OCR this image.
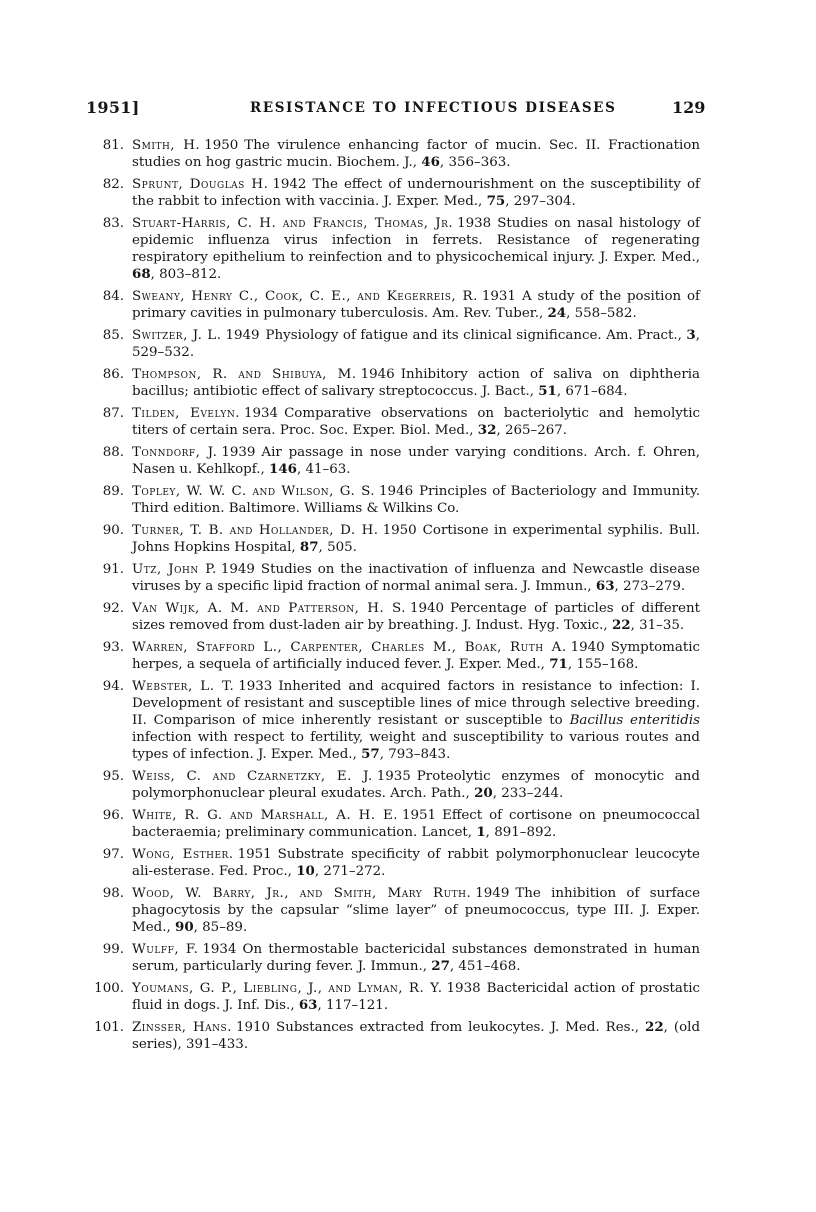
1951]	RESISTANCE TO INFECTIOUS DISEASES	129
81. Smith, H. 1950 The virulence enhancing factor of mucin. Sec. II. Fractionation studies on hog gastric mucin. Biochem. J., 46, 356–363.
82. Sprunt, Douglas H. 1942 The effect of undernourishment on the susceptibility of the rabbit to infection with vaccinia. J. Exper. Med., 75, 297–304.
83. Stuart-Harris, C. H. and Francis, Thomas, Jr. 1938 Studies on nasal histology of epidemic influenza virus infection in ferrets. Resistance of regenerating respiratory epithelium to reinfection and to physicochemical injury. J. Exper. Med., 68, 803–812.
84. Sweany, Henry C., Cook, C. E., and Kegerreis, R. 1931 A study of the position of primary cavities in pulmonary tuberculosis. Am. Rev. Tuber., 24, 558–582.
85. Switzer, J. L. 1949 Physiology of fatigue and its clinical significance. Am. Pract., 3, 529–532.
86. Thompson, R. and Shibuya, M. 1946 Inhibitory action of saliva on diphtheria bacillus; antibiotic effect of salivary streptococcus. J. Bact., 51, 671–684.
87. Tilden, Evelyn. 1934 Comparative observations on bacteriolytic and hemolytic titers of certain sera. Proc. Soc. Exper. Biol. Med., 32, 265–267.
88. Tonndorf, J. 1939 Air passage in nose under varying conditions. Arch. f. Ohren, Nasen u. Kehlkopf., 146, 41–63.
89. Topley, W. W. C. and Wilson, G. S. 1946 Principles of Bacteriology and Immunity. Third edition. Baltimore. Williams & Wilkins Co.
90. Turner, T. B. and Hollander, D. H. 1950 Cortisone in experimental syphilis. Bull. Johns Hopkins Hospital, 87, 505.
91. Utz, John P. 1949 Studies on the inactivation of influenza and Newcastle disease viruses by a specific lipid fraction of normal animal sera. J. Immun., 63, 273–279.
92. Van Wijk, A. M. and Patterson, H. S. 1940 Percentage of particles of different sizes removed from dust-laden air by breathing. J. Indust. Hyg. Toxic., 22, 31–35.
93. Warren, Stafford L., Carpenter, Charles M., Boak, Ruth A. 1940 Symptomatic herpes, a sequela of artificially induced fever. J. Exper. Med., 71, 155–168.
94. Webster, L. T. 1933 Inherited and acquired factors in resistance to infection: I. Development of resistant and susceptible lines of mice through selective breeding. II. Comparison of mice inherently resistant or susceptible to Bacillus enteritidis infection with respect to fertility, weight and susceptibility to various routes and types of infection. J. Exper. Med., 57, 793–843.
95. Weiss, C. and Czarnetzky, E. J. 1935 Proteolytic enzymes of monocytic and polymorphonuclear pleural exudates. Arch. Path., 20, 233–244.
96. White, R. G. and Marshall, A. H. E. 1951 Effect of cortisone on pneumococcal bacteraemia; preliminary communication. Lancet, 1, 891–892.
97. Wong, Esther. 1951 Substrate specificity of rabbit polymorphonuclear leucocyte ali-esterase. Fed. Proc., 10, 271–272.
98. Wood, W. Barry, Jr., and Smith, Mary Ruth. 1949 The inhibition of surface phagocytosis by the capsular “slime layer” of pneumococcus, type III. J. Exper. Med., 90, 85–89.
99. Wulff, F. 1934 On thermostable bactericidal substances demonstrated in human serum, particularly during fever. J. Immun., 27, 451–468.
100. Youmans, G. P., Liebling, J., and Lyman, R. Y. 1938 Bactericidal action of prostatic fluid in dogs. J. Inf. Dis., 63, 117–121.
101. Zinsser, Hans. 1910 Substances extracted from leukocytes. J. Med. Res., 22, (old series), 391–433.
